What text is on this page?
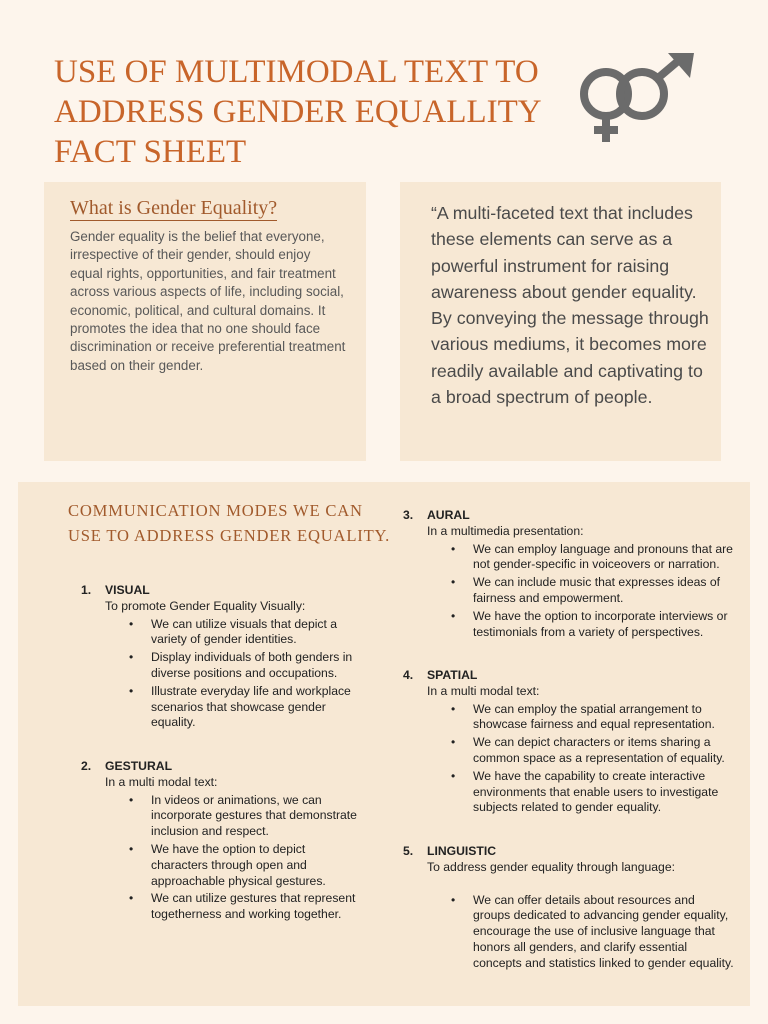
USE OF MULTIMODAL TEXT TO ADDRESS GENDER EQUALLITY FACT SHEET
What is Gender Equality?

Gender equality is the belief that everyone, irrespective of their gender, should enjoy equal rights, opportunities, and fair treatment across various aspects of life, including social, economic, political, and cultural domains. It promotes the idea that no one should face discrimination or receive preferential treatment based on their gender.

“A multi-faceted text that includes these elements can serve as a powerful instrument for raising awareness about gender equality. By conveying the message through various mediums, it becomes more readily available and captivating to a broad spectrum of people.

COMMUNICATION MODES WE CAN USE TO ADDRESS GENDER EQUALITY.
1. VISUAL

To promote Gender Equality Visually:

• We can utilize visuals that depict a variety of gender identities.
• Display individuals of both genders in diverse positions and occupations.
• Illustrate everyday life and workplace scenarios that showcase gender equality.
2. GESTURAL

In a multi modal text:

• In videos or animations, we can incorporate gestures that demonstrate inclusion and respect.
• We have the option to depict characters through open and approachable physical gestures.
• We can utilize gestures that represent togetherness and working together.
3. AURAL

In a multimedia presentation:

• We can employ language and pronouns that are not gender-specific in voiceovers or narration.
• We can include music that expresses ideas of fairness and empowerment.
• We have the option to incorporate interviews or testimonials from a variety of perspectives.
4. SPATIAL

In a multi modal text:

• We can employ the spatial arrangement to showcase fairness and equal representation.
• We can depict characters or items sharing a common space as a representation of equality.
• We have the capability to create interactive environments that enable users to investigate subjects related to gender equality.
5. LINGUISTIC

To address gender equality through language:

• We can offer details about resources and groups dedicated to advancing gender equality, encourage the use of inclusive language that honors all genders, and clarify essential concepts and statistics linked to gender equality.
